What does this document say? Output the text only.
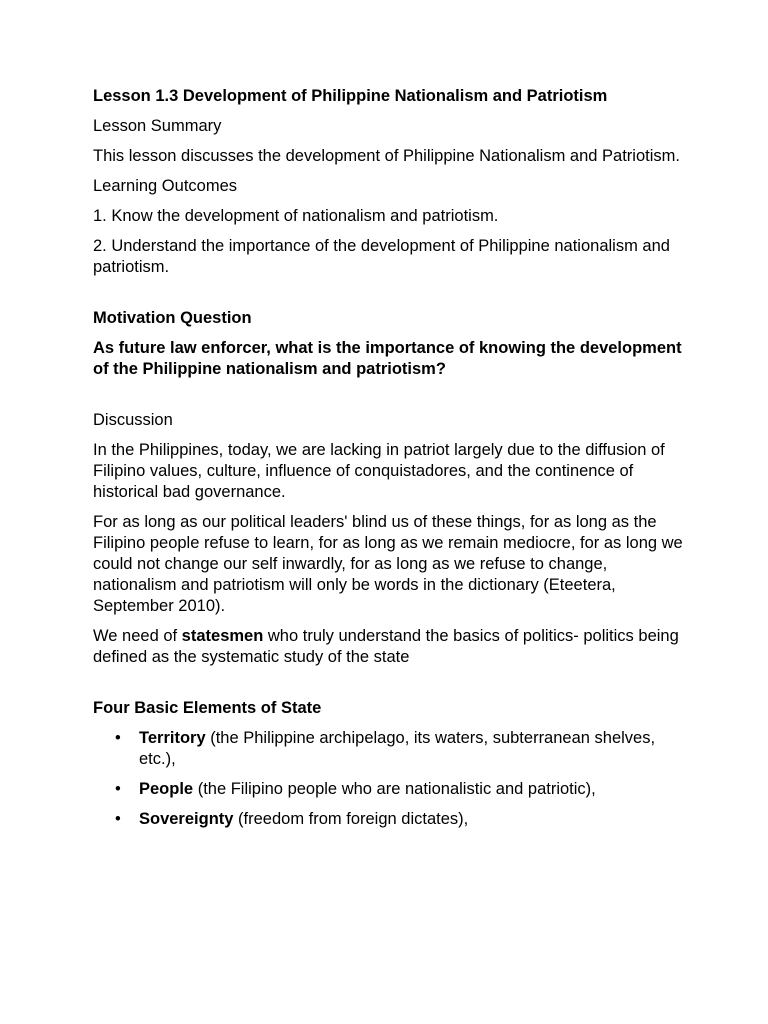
Lesson 1.3 Development of Philippine Nationalism and Patriotism

Lesson Summary

This lesson discusses the development of Philippine Nationalism and Patriotism.

Learning Outcomes

1. Know the development of nationalism and patriotism.

2. Understand the importance of the development of Philippine nationalism and

patriotism.

Motivation Question

As future law enforcer, what is the importance of knowing the development of the Philippine nationalism and patriotism?

Discussion

In the Philippines, today, we are lacking in patriot largely due to the diffusion of Filipino values, culture, influence of conquistadores, and the continence of historical bad governance.

For as long as our political leaders' blind us of these things, for as long as the Filipino people refuse to learn, for as long as we remain mediocre, for as long we could not change our self inwardly, for as long as we refuse to change, nationalism and patriotism will only be words in the dictionary (Eteetera, September 2010).

We need of statesmen who truly understand the basics of politics- politics being defined as the systematic study of the state

Four Basic Elements of State

• Territory (the Philippine archipelago, its waters, subterranean shelves, etc.),
• People (the Filipino people who are nationalistic and patriotic),
• Sovereignty (freedom from foreign dictates),
